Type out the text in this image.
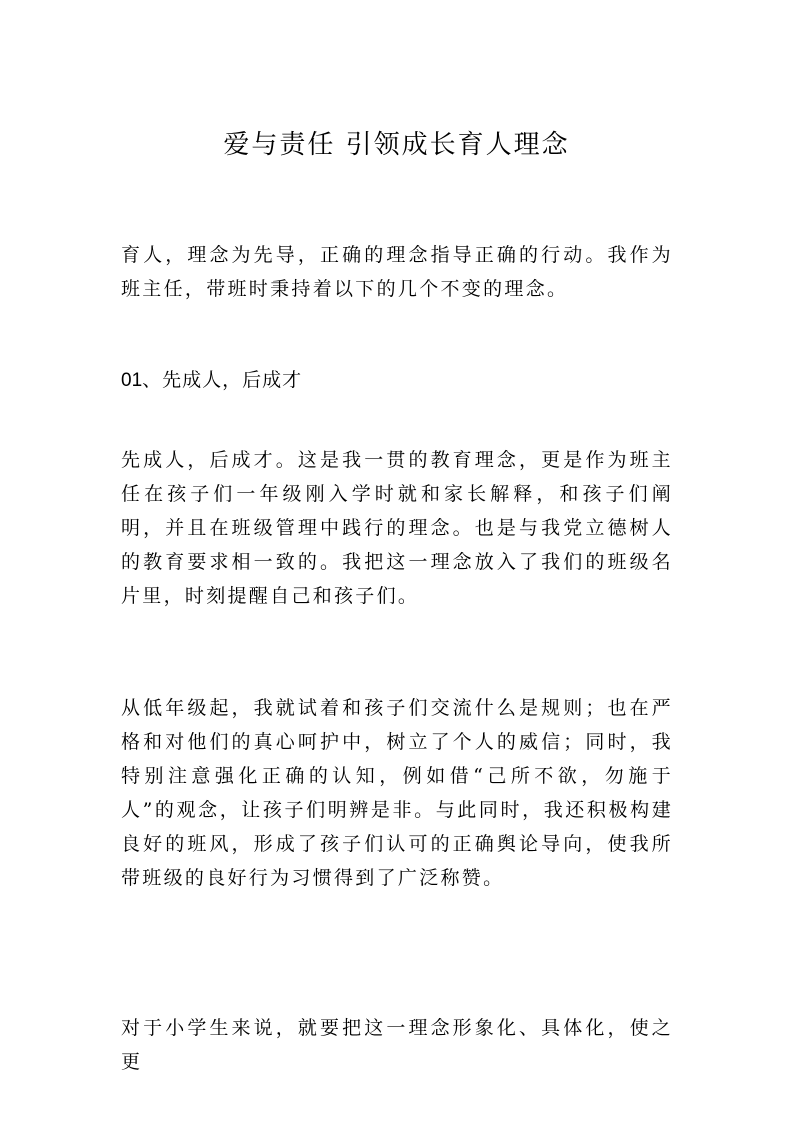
爱与责任 引领成长育人理念

育人，理念为先导，正确的理念指导正确的行动。我作为班主任，带班时秉持着以下的几个不变的理念。

01、先成人，后成才

先成人，后成才。这是我一贯的教育理念，更是作为班主任在孩子们一年级刚入学时就和家长解释，和孩子们阐明，并且在班级管理中践行的理念。也是与我党立德树人的教育要求相一致的。我把这一理念放入了我们的班级名片里，时刻提醒自己和孩子们。

从低年级起，我就试着和孩子们交流什么是规则；也在严格和对他们的真心呵护中，树立了个人的威信；同时，我特别注意强化正确的认知，例如借“己所不欲，勿施于人”的观念，让孩子们明辨是非。与此同时，我还积极构建良好的班风，形成了孩子们认可的正确舆论导向，使我所带班级的良好行为习惯得到了广泛称赞。

对于小学生来说，就要把这一理念形象化、具体化，使之更
